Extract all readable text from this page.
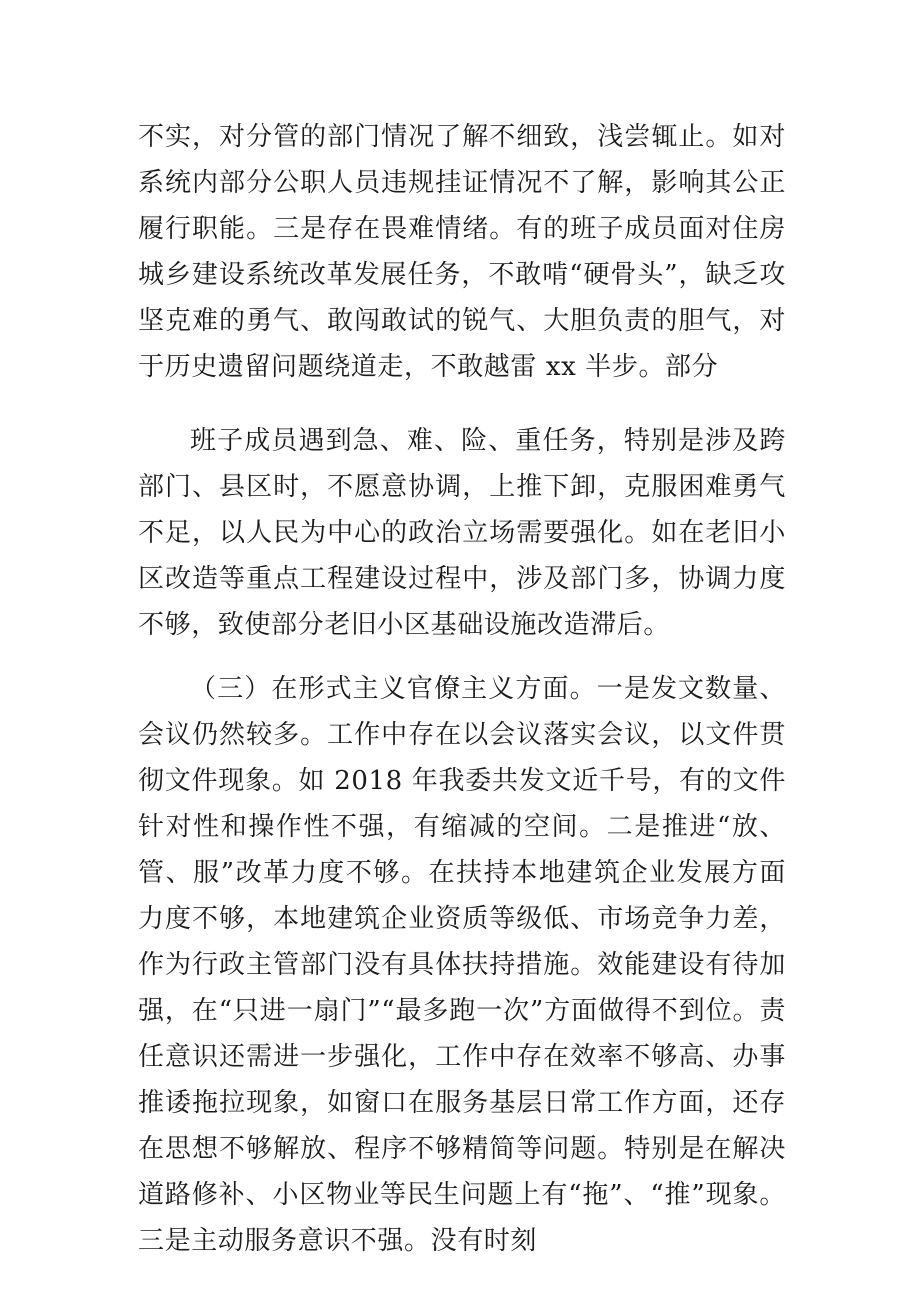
不实，对分管的部门情况了解不细致，浅尝辄止。如对系统内部分公职人员违规挂证情况不了解，影响其公正履行职能。三是存在畏难情绪。有的班子成员面对住房城乡建设系统改革发展任务，不敢啃“硬骨头”，缺乏攻坚克难的勇气、敢闯敢试的锐气、大胆负责的胆气，对于历史遗留问题绕道走，不敢越雷 xx 半步。部分

班子成员遇到急、难、险、重任务，特别是涉及跨部门、县区时，不愿意协调，上推下卸，克服困难勇气不足，以人民为中心的政治立场需要强化。如在老旧小区改造等重点工程建设过程中，涉及部门多，协调力度不够，致使部分老旧小区基础设施改造滞后。

（三）在形式主义官僚主义方面。一是发文数量、会议仍然较多。工作中存在以会议落实会议，以文件贯彻文件现象。如 2018 年我委共发文近千号，有的文件针对性和操作性不强，有缩减的空间。二是推进“放、管、服”改革力度不够。在扶持本地建筑企业发展方面力度不够，本地建筑企业资质等级低、市场竞争力差，作为行政主管部门没有具体扶持措施。效能建设有待加强，在“只进一扇门”“最多跑一次”方面做得不到位。责任意识还需进一步强化，工作中存在效率不够高、办事推诿拖拉现象，如窗口在服务基层日常工作方面，还存在思想不够解放、程序不够精简等问题。特别是在解决道路修补、小区物业等民生问题上有“拖”、“推”现象。三是主动服务意识不强。没有时刻
